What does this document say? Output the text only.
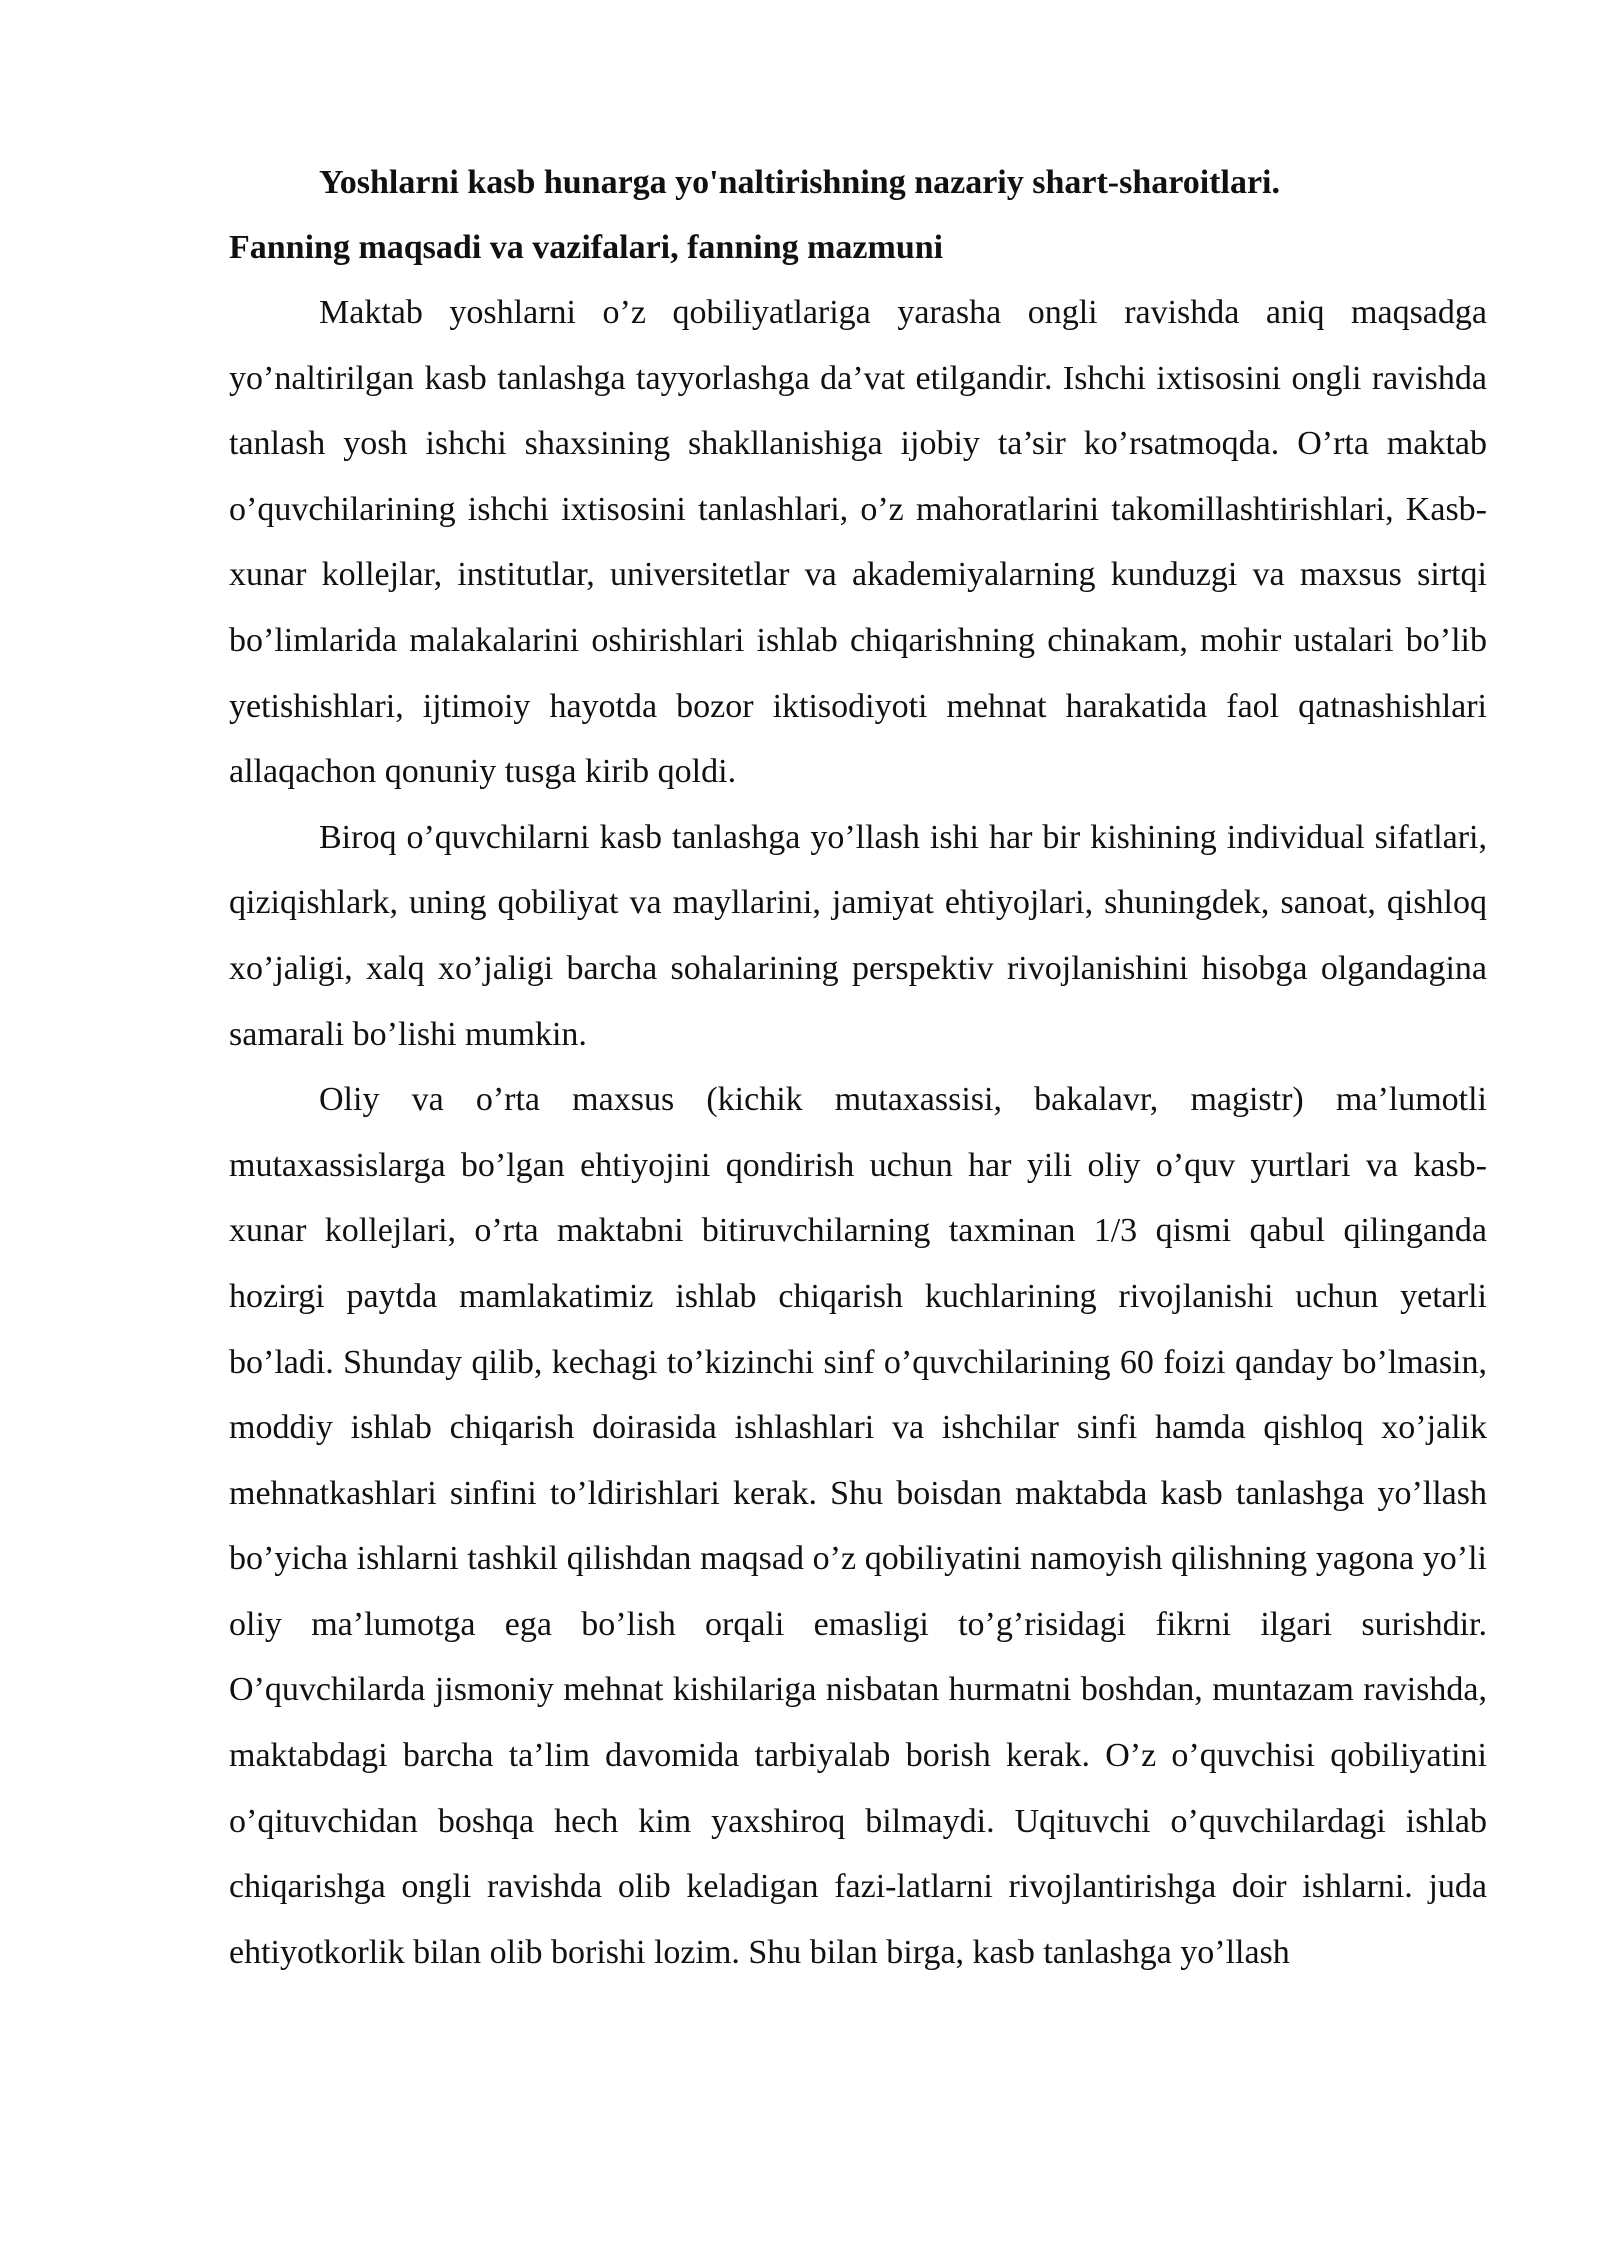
Yoshlarni kasb hunarga yo'naltirishning nazariy shart-sharoitlari.

Fanning maqsadi va vazifalari, fanning mazmuni

Maktab yoshlarni o’z qobiliyatlariga yarasha ongli ravishda aniq maqsadga yo’naltirilgan kasb tanlashga tayyorlashga da’vat etilgandir. Ishchi ixtisosini ongli ravishda tanlash yosh ishchi shaxsining shakllanishiga ijobiy ta’sir ko’rsatmoqda. O’rta maktab o’quvchilarining ishchi ixtisosini tanlashlari, o’z mahoratlarini takomillashtirishlari, Kasb-xunar kollejlar, institutlar, universitetlar va akademiyalarning kunduzgi va maxsus sirtqi bo’limlarida malakalarini oshirishlari ishlab chiqarishning chinakam, mohir ustalari bo’lib yetishishlari, ijtimoiy hayotda bozor iktisodiyoti mehnat harakatida faol qatnashishlari allaqachon qonuniy tusga kirib qoldi.

Biroq o’quvchilarni kasb tanlashga yo’llash ishi har bir kishining individual sifatlari, qiziqishlark, uning qobiliyat va mayllarini, jamiyat ehtiyojlari, shuningdek, sanoat, qishloq xo’jaligi, xalq xo’jaligi barcha sohalarining perspektiv rivojlanishini hisobga olgandagina samarali bo’lishi mumkin.

Oliy va o’rta maxsus (kichik mutaxassisi, bakalavr, magistr) ma’lumotli mutaxassislarga bo’lgan ehtiyojini qondirish uchun har yili oliy o’quv yurtlari va kasb-xunar kollejlari, o’rta maktabni bitiruvchilarning taxminan 1/3 qismi qabul qilinganda hozirgi paytda mamlakatimiz ishlab chiqarish kuchlarining rivojlanishi uchun yetarli bo’ladi. Shunday qilib, kechagi to’kizinchi sinf o’quvchilarining 60 foizi qanday bo’lmasin, moddiy ishlab chiqarish doirasida ishlashlari va ishchilar sinfi hamda qishloq xo’jalik mehnatkashlari sinfini to’ldirishlari kerak. Shu boisdan maktabda kasb tanlashga yo’llash bo’yicha ishlarni tashkil qilishdan maqsad o’z qobiliyatini namoyish qilishning yagona yo’li oliy ma’lumotga ega bo’lish orqali emasligi to’g’risidagi fikrni ilgari surishdir. O’quvchilarda jismoniy mehnat kishilariga nisbatan hurmatni boshdan, muntazam ravishda, maktabdagi barcha ta’lim davomida tarbiyalab borish kerak. O’z o’quvchisi qobiliyatini o’qituvchidan boshqa hech kim yaxshiroq bilmaydi. Uqituvchi o’quvchilardagi ishlab chiqarishga ongli ravishda olib keladigan fazi-latlarni rivojlantirishga doir ishlarni. juda ehtiyotkorlik bilan olib borishi lozim. Shu bilan birga, kasb tanlashga yo’llash
